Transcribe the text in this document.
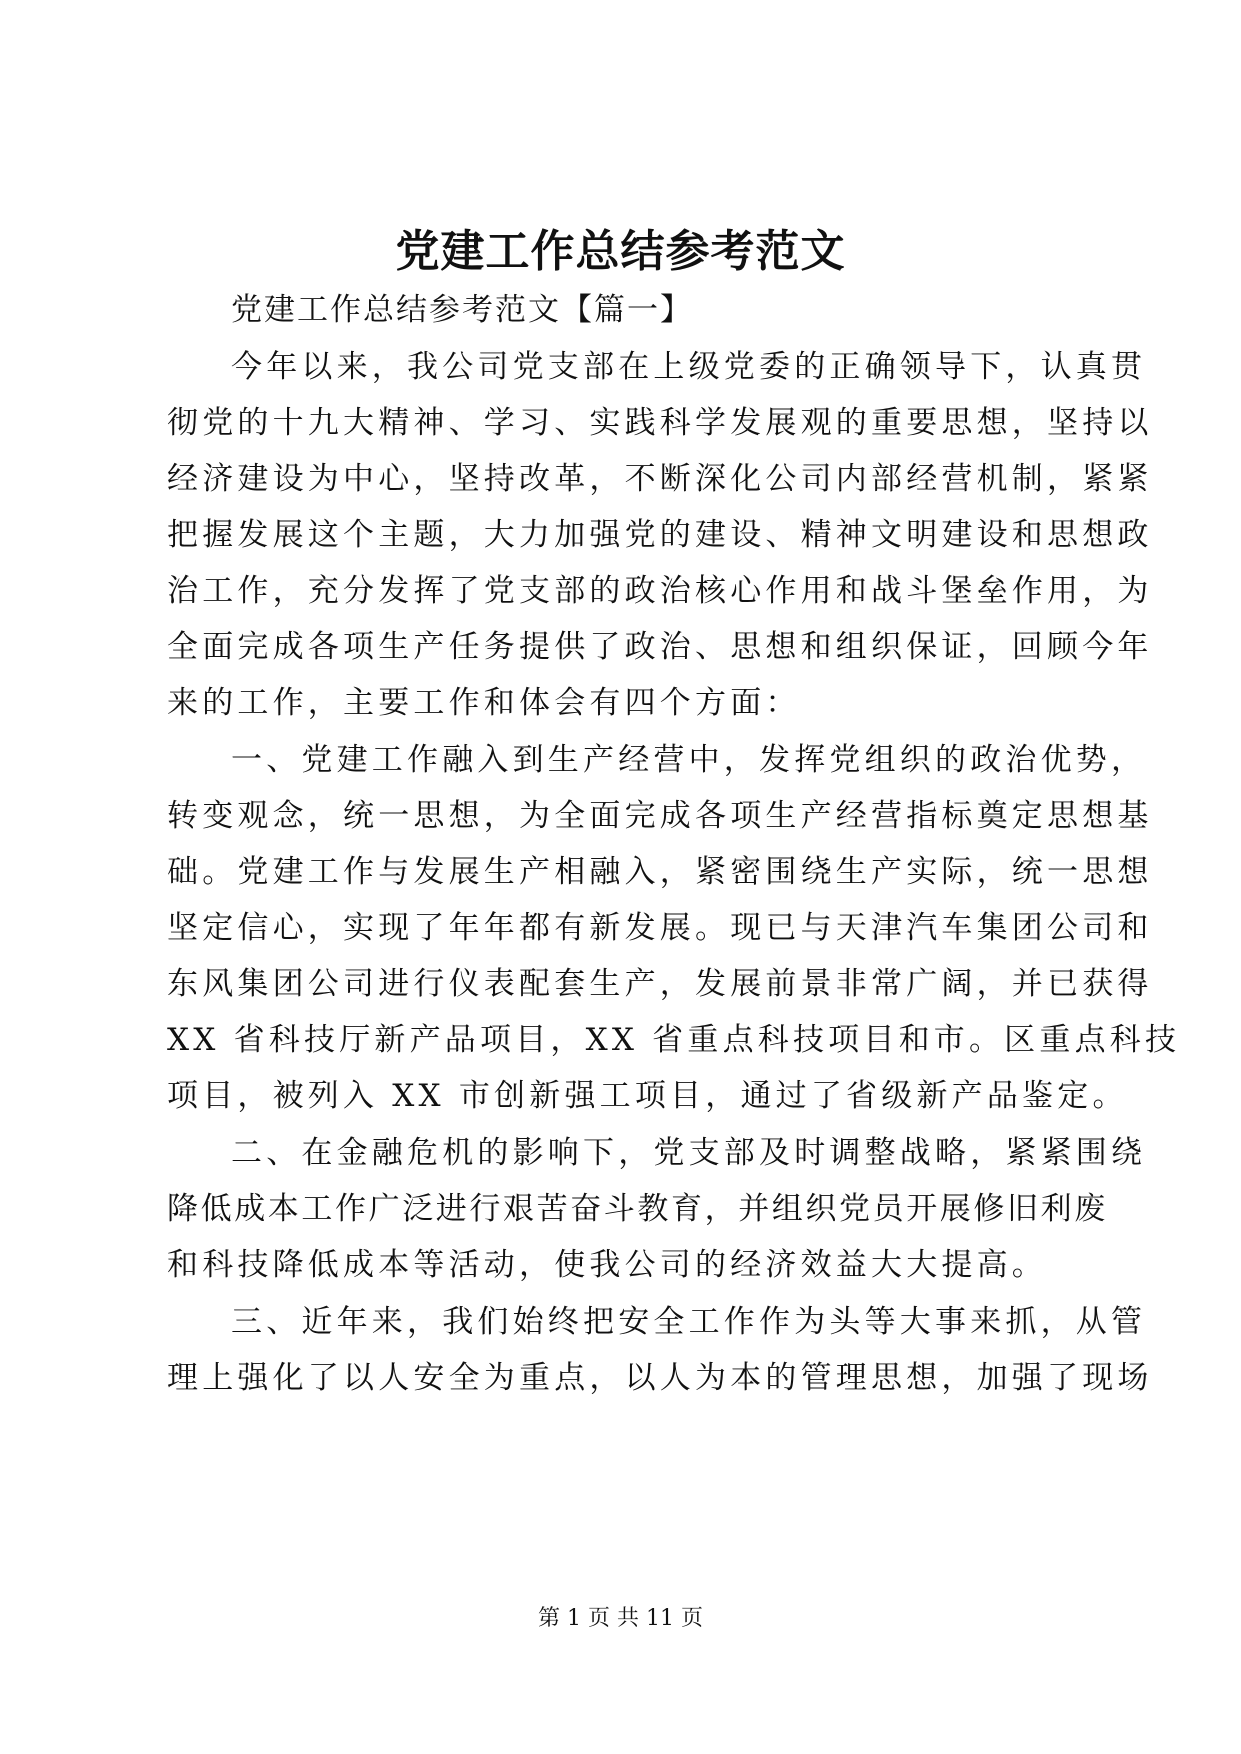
党建工作总结参考范文

党建工作总结参考范文【篇一】

今年以来，我公司党支部在上级党委的正确领导下，认真贯

彻党的十九大精神、学习、实践科学发展观的重要思想，坚持以

经济建设为中心，坚持改革，不断深化公司内部经营机制，紧紧

把握发展这个主题，大力加强党的建设、精神文明建设和思想政

治工作，充分发挥了党支部的政治核心作用和战斗堡垒作用，为

全面完成各项生产任务提供了政治、思想和组织保证，回顾今年

来的工作，主要工作和体会有四个方面：

一、党建工作融入到生产经营中，发挥党组织的政治优势，

转变观念，统一思想，为全面完成各项生产经营指标奠定思想基

础。党建工作与发展生产相融入，紧密围绕生产实际，统一思想

坚定信心，实现了年年都有新发展。现已与天津汽车集团公司和

东风集团公司进行仪表配套生产，发展前景非常广阔，并已获得

XX 省科技厅新产品项目，XX 省重点科技项目和市。区重点科技

项目，被列入 XX 市创新强工项目，通过了省级新产品鉴定。

二、在金融危机的影响下，党支部及时调整战略，紧紧围绕

降低成本工作广泛进行艰苦奋斗教育，并组织党员开展修旧利废

和科技降低成本等活动，使我公司的经济效益大大提高。

三、近年来，我们始终把安全工作作为头等大事来抓，从管

理上强化了以人安全为重点，以人为本的管理思想，加强了现场

第 1 页 共 11 页
